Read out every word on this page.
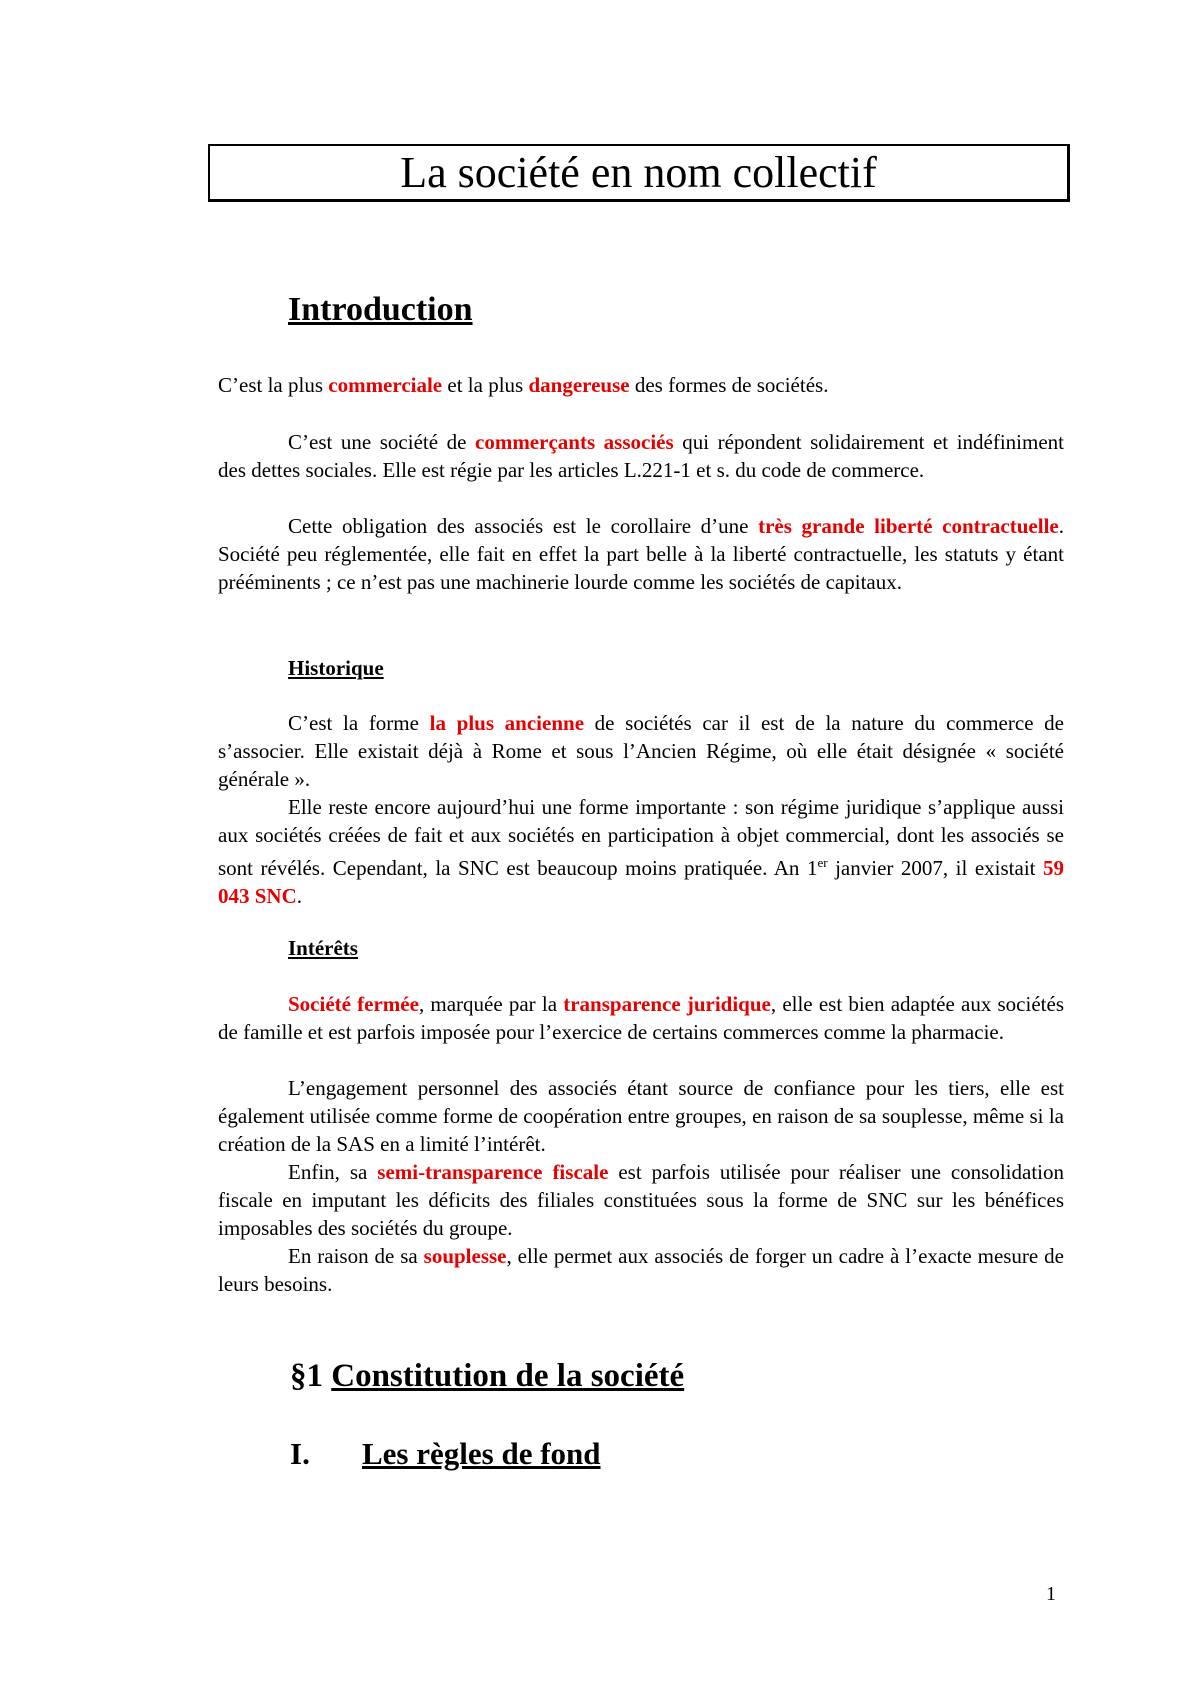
La société en nom collectif
Introduction

C’est la plus commerciale et la plus dangereuse des formes de sociétés.

C’est une société de commerçants associés qui répondent solidairement et indéfiniment des dettes sociales. Elle est régie par les articles L.221-1 et s. du code de commerce.

Cette obligation des associés est le corollaire d’une très grande liberté contractuelle. Société peu réglementée, elle fait en effet la part belle à la liberté contractuelle, les statuts y étant prééminents ; ce n’est pas une machinerie lourde comme les sociétés de capitaux.

Historique

C’est la forme la plus ancienne de sociétés car il est de la nature du commerce de s’associer. Elle existait déjà à Rome et sous l’Ancien Régime, où elle était désignée « société générale ».

Elle reste encore aujourd’hui une forme importante : son régime juridique s’applique aussi aux sociétés créées de fait et aux sociétés en participation à objet commercial, dont les associés se sont révélés. Cependant, la SNC est beaucoup moins pratiquée. An 1er janvier 2007, il existait 59 043 SNC.

Intérêts

Société fermée, marquée par la transparence juridique, elle est bien adaptée aux sociétés de famille et est parfois imposée pour l’exercice de certains commerces comme la pharmacie.

L’engagement personnel des associés étant source de confiance pour les tiers, elle est également utilisée comme forme de coopération entre groupes, en raison de sa souplesse, même si la création de la SAS en a limité l’intérêt.

Enfin, sa semi-transparence fiscale est parfois utilisée pour réaliser une consolidation fiscale en imputant les déficits des filiales constituées sous la forme de SNC sur les bénéfices imposables des sociétés du groupe.

En raison de sa souplesse, elle permet aux associés de forger un cadre à l’exacte mesure de leurs besoins.

§1 Constitution de la société
I. Les règles de fond
1
